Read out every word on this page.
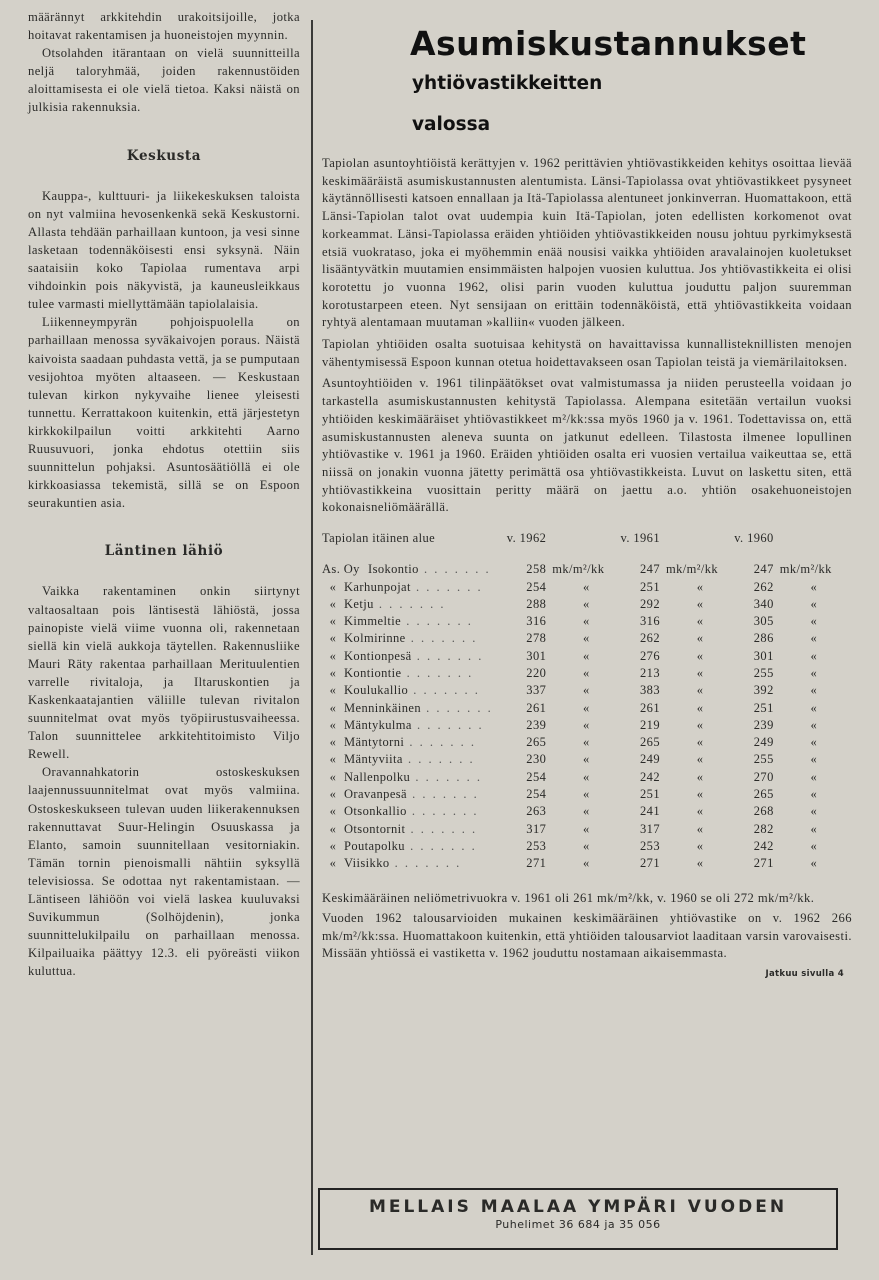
määrännyt arkkitehdin urakoitsijoille, jotka hoitavat rakentamisen ja huoneistojen myynnin.

Otsolahden itärantaan on vielä suunnitteilla neljä taloryhmää, joiden rakennustöiden aloittamisesta ei ole vielä tietoa. Kaksi näistä on julkisia rakennuksia.

Keskusta

Kauppa-, kulttuuri- ja liikekeskuksen taloista on nyt valmiina hevosenkenkä sekä Keskustorni. Allasta tehdään parhaillaan kuntoon, ja vesi sinne lasketaan todennäköisesti ensi syksynä. Näin saataisiin koko Tapiolaa rumentava arpi vihdoinkin pois näkyvistä, ja kauneusleikkaus tulee varmasti miellyttämään tapiolalaisia.

Liikenneympyrän pohjoispuolella on parhaillaan menossa syväkaivojen poraus. Näistä kaivoista saadaan puhdasta vettä, ja se pumputaan vesijohtoa myöten altaaseen. — Keskustaan tulevan kirkon nykyvaihe lienee yleisesti tunnettu. Kerrattakoon kuitenkin, että järjestetyn kirkkokilpailun voitti arkkitehti Aarno Ruusuvuori, jonka ehdotus otettiin siis suunnittelun pohjaksi. Asuntosäätiöllä ei ole kirkkoasiassa tekemistä, sillä se on Espoon seurakuntien asia.

Läntinen lähiö

Vaikka rakentaminen onkin siirtynyt valtaosaltaan pois läntisestä lähiöstä, jossa painopiste vielä viime vuonna oli, rakennetaan siellä kin vielä aukkoja täytellen. Rakennusliike Mauri Räty rakentaa parhaillaan Merituulentien varrelle rivitaloja, ja Iltaruskontien ja Kaskenkaatajantien väliille tulevan rivitalon suunnitelmat ovat myös työpiirustusvaiheessa. Talon suunnittelee arkkitehtitoimisto Viljo Rewell.

Oravannahkatorin ostoskeskuksen laajennussuunnitelmat ovat myös valmiina. Ostoskeskukseen tulevan uuden liikerakennuksen rakennuttavat Suur-Helingin Osuuskassa ja Elanto, samoin suunnitellaan vesitorniakin. Tämän tornin pienoismalli nähtiin syksyllä televisiossa. Se odottaa nyt rakentamistaan. — Läntiseen lähiöön voi vielä laskea kuuluvaksi Suvikummun (Solhöjdenin), jonka suunnittelukilpailu on parhaillaan menossa. Kilpailuaika päättyy 12.3. eli pyöreästi viikon kuluttua.

Asumiskustannukset
yhtiövastikkeitten
valossa

Tapiolan asuntoyhtiöistä kerättyjen v. 1962 perittävien yhtiövastikkeiden kehitys osoittaa lievää keskimääräistä asumiskustannusten alentumista. Länsi-Tapiolassa ovat yhtiövastikkeet pysyneet käytännöllisesti katsoen ennallaan ja Itä-Tapiolassa alentuneet jonkinverran. Huomattakoon, että Länsi-Tapiolan talot ovat uudempia kuin Itä-Tapiolan, joten edellisten korkomenot ovat korkeammat. Länsi-Tapiolassa eräiden yhtiöiden yhtiövastikkeiden nousu johtuu pyrkimyksestä etsiä vuokrataso, joka ei myöhemmin enää nousisi vaikka yhtiöiden aravalainojen kuoletukset lisääntyvätkin muutamien ensimmäisten halpojen vuosien kuluttua. Jos yhtiövastikkeita ei olisi korotettu jo vuonna 1962, olisi parin vuoden kuluttua jouduttu paljon suuremman korotustarpeen eteen. Nyt sensijaan on erittäin todennäköistä, että yhtiövastikkeita voidaan ryhtyä alentamaan muutaman »kalliin« vuoden jälkeen.

Tapiolan yhtiöiden osalta suotuisaa kehitystä on havaittavissa kunnallisteknillisten menojen vähentymisessä Espoon kunnan otetua hoidettavakseen osan Tapiolan teistä ja viemärilaitoksen.

Asuntoyhtiöiden v. 1961 tilinpäätökset ovat valmistumassa ja niiden perusteella voidaan jo tarkastella asumiskustannusten kehitystä Tapiolassa. Alempana esitetään vertailun vuoksi yhtiöiden keskimääräiset yhtiövastikkeet m²/kk:ssa myös 1960 ja v. 1961. Todettavissa on, että asumiskustannusten aleneva suunta on jatkunut edelleen. Tilastosta ilmenee lopullinen yhtiövastike v. 1961 ja 1960. Eräiden yhtiöiden osalta eri vuosien vertailua vaikeuttaa se, että niissä on jonakin vuonna jätetty perimättä osa yhtiövastikkeista. Luvut on laskettu siten, että yhtiövastikkeina vuosittain peritty määrä on jaettu a.o. yhtiön osakehuoneistojen kokonaisneliömäärällä.

Tapiolan itäinen alue	v. 1962		v. 1961		v. 1960	
As. Oy Isokontio . . . . . . .	258	mk/m²/kk	247	mk/m²/kk	247	mk/m²/kk
« Karhunpojat . . . . . . .	254	«	251	«	262	«
« Ketju . . . . . . .	288	«	292	«	340	«
« Kimmeltie . . . . . . .	316	«	316	«	305	«
« Kolmirinne . . . . . . .	278	«	262	«	286	«
« Kontionpesä . . . . . . .	301	«	276	«	301	«
« Kontiontie . . . . . . .	220	«	213	«	255	«
« Koulukallio . . . . . . .	337	«	383	«	392	«
« Menninkäinen . . . . . . .	261	«	261	«	251	«
« Mäntykulma . . . . . . .	239	«	219	«	239	«
« Mäntytorni . . . . . . .	265	«	265	«	249	«
« Mäntyviita . . . . . . .	230	«	249	«	255	«
« Nallenpolku . . . . . . .	254	«	242	«	270	«
« Oravanpesä . . . . . . .	254	«	251	«	265	«
« Otsonkallio . . . . . . .	263	«	241	«	268	«
« Otsontornit . . . . . . .	317	«	317	«	282	«
« Poutapolku . . . . . . .	253	«	253	«	242	«
« Viisikko . . . . . . .	271	«	271	«	271	«

Keskimääräinen neliömetrivuokra v. 1961 oli 261 mk/m²/kk, v. 1960 se oli 272 mk/m²/kk.

Vuoden 1962 talousarvioiden mukainen keskimääräinen yhtiövastike on v. 1962 266 mk/m²/kk:ssa. Huomattakoon kuitenkin, että yhtiöiden talousarviot laaditaan varsin varovaisesti. Missään yhtiössä ei vastiketta v. 1962 jouduttu nostamaan aikaisemmasta.

Jatkuu sivulla 4
MELLAIS MAALAA YMPÄRI VUODEN
Puhelimet 36 684 ja 35 056
